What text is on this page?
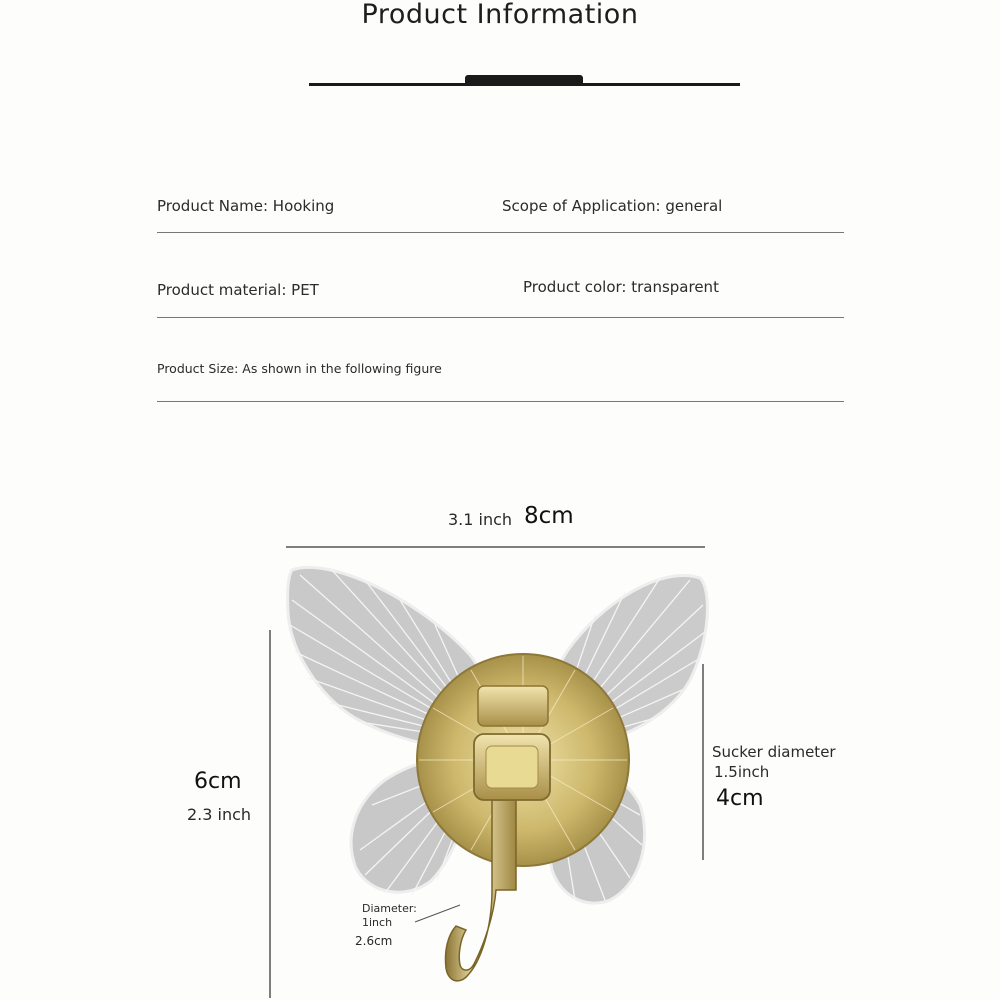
Product Information
Product Name: Hooking	Scope of Application: general
Product material: PET	Product color: transparent
Product Size: As shown in the following figure
3.1 inch 8cm
6cm
2.3 inch
Sucker diameter
1.5inch
4cm
Diameter:
1inch
2.6cm
